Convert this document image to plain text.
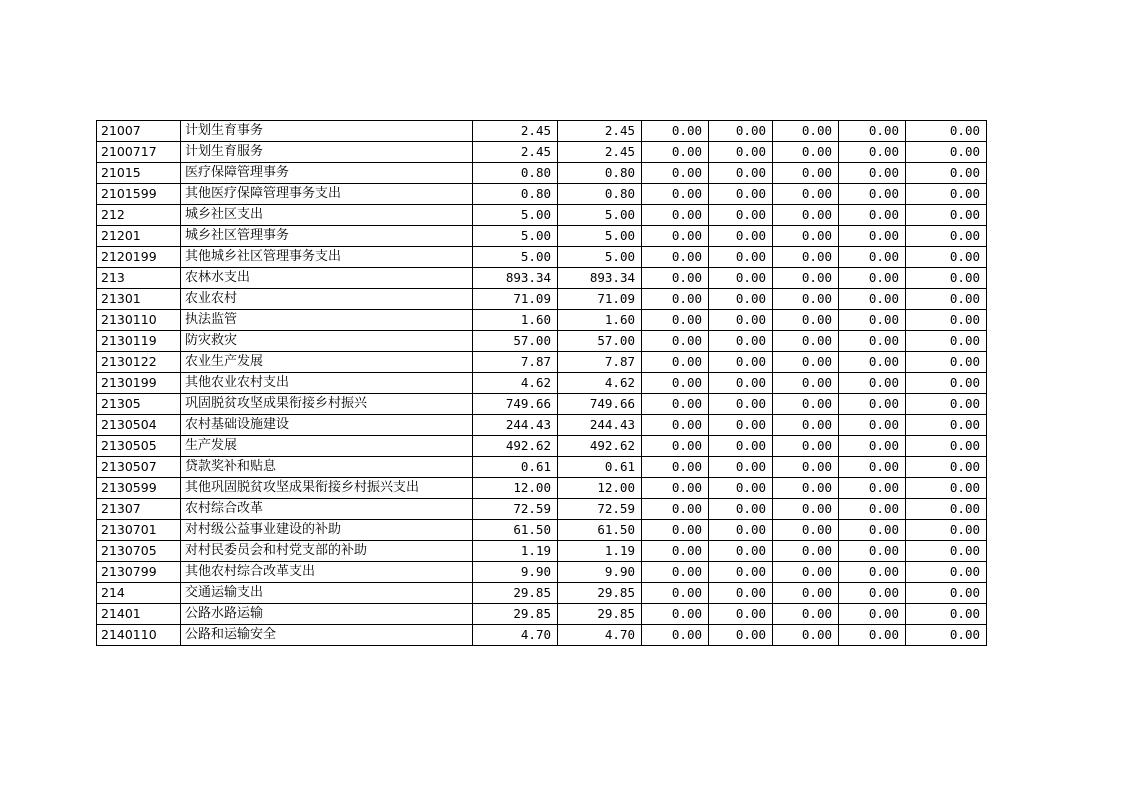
21007	计划生育事务	2.45	2.45	0.00	0.00	0.00	0.00	0.00
2100717	计划生育服务	2.45	2.45	0.00	0.00	0.00	0.00	0.00
21015	医疗保障管理事务	0.80	0.80	0.00	0.00	0.00	0.00	0.00
2101599	其他医疗保障管理事务支出	0.80	0.80	0.00	0.00	0.00	0.00	0.00
212	城乡社区支出	5.00	5.00	0.00	0.00	0.00	0.00	0.00
21201	城乡社区管理事务	5.00	5.00	0.00	0.00	0.00	0.00	0.00
2120199	其他城乡社区管理事务支出	5.00	5.00	0.00	0.00	0.00	0.00	0.00
213	农林水支出	893.34	893.34	0.00	0.00	0.00	0.00	0.00
21301	农业农村	71.09	71.09	0.00	0.00	0.00	0.00	0.00
2130110	执法监管	1.60	1.60	0.00	0.00	0.00	0.00	0.00
2130119	防灾救灾	57.00	57.00	0.00	0.00	0.00	0.00	0.00
2130122	农业生产发展	7.87	7.87	0.00	0.00	0.00	0.00	0.00
2130199	其他农业农村支出	4.62	4.62	0.00	0.00	0.00	0.00	0.00
21305	巩固脱贫攻坚成果衔接乡村振兴	749.66	749.66	0.00	0.00	0.00	0.00	0.00
2130504	农村基础设施建设	244.43	244.43	0.00	0.00	0.00	0.00	0.00
2130505	生产发展	492.62	492.62	0.00	0.00	0.00	0.00	0.00
2130507	贷款奖补和贴息	0.61	0.61	0.00	0.00	0.00	0.00	0.00
2130599	其他巩固脱贫攻坚成果衔接乡村振兴支出	12.00	12.00	0.00	0.00	0.00	0.00	0.00
21307	农村综合改革	72.59	72.59	0.00	0.00	0.00	0.00	0.00
2130701	对村级公益事业建设的补助	61.50	61.50	0.00	0.00	0.00	0.00	0.00
2130705	对村民委员会和村党支部的补助	1.19	1.19	0.00	0.00	0.00	0.00	0.00
2130799	其他农村综合改革支出	9.90	9.90	0.00	0.00	0.00	0.00	0.00
214	交通运输支出	29.85	29.85	0.00	0.00	0.00	0.00	0.00
21401	公路水路运输	29.85	29.85	0.00	0.00	0.00	0.00	0.00
2140110	公路和运输安全	4.70	4.70	0.00	0.00	0.00	0.00	0.00
